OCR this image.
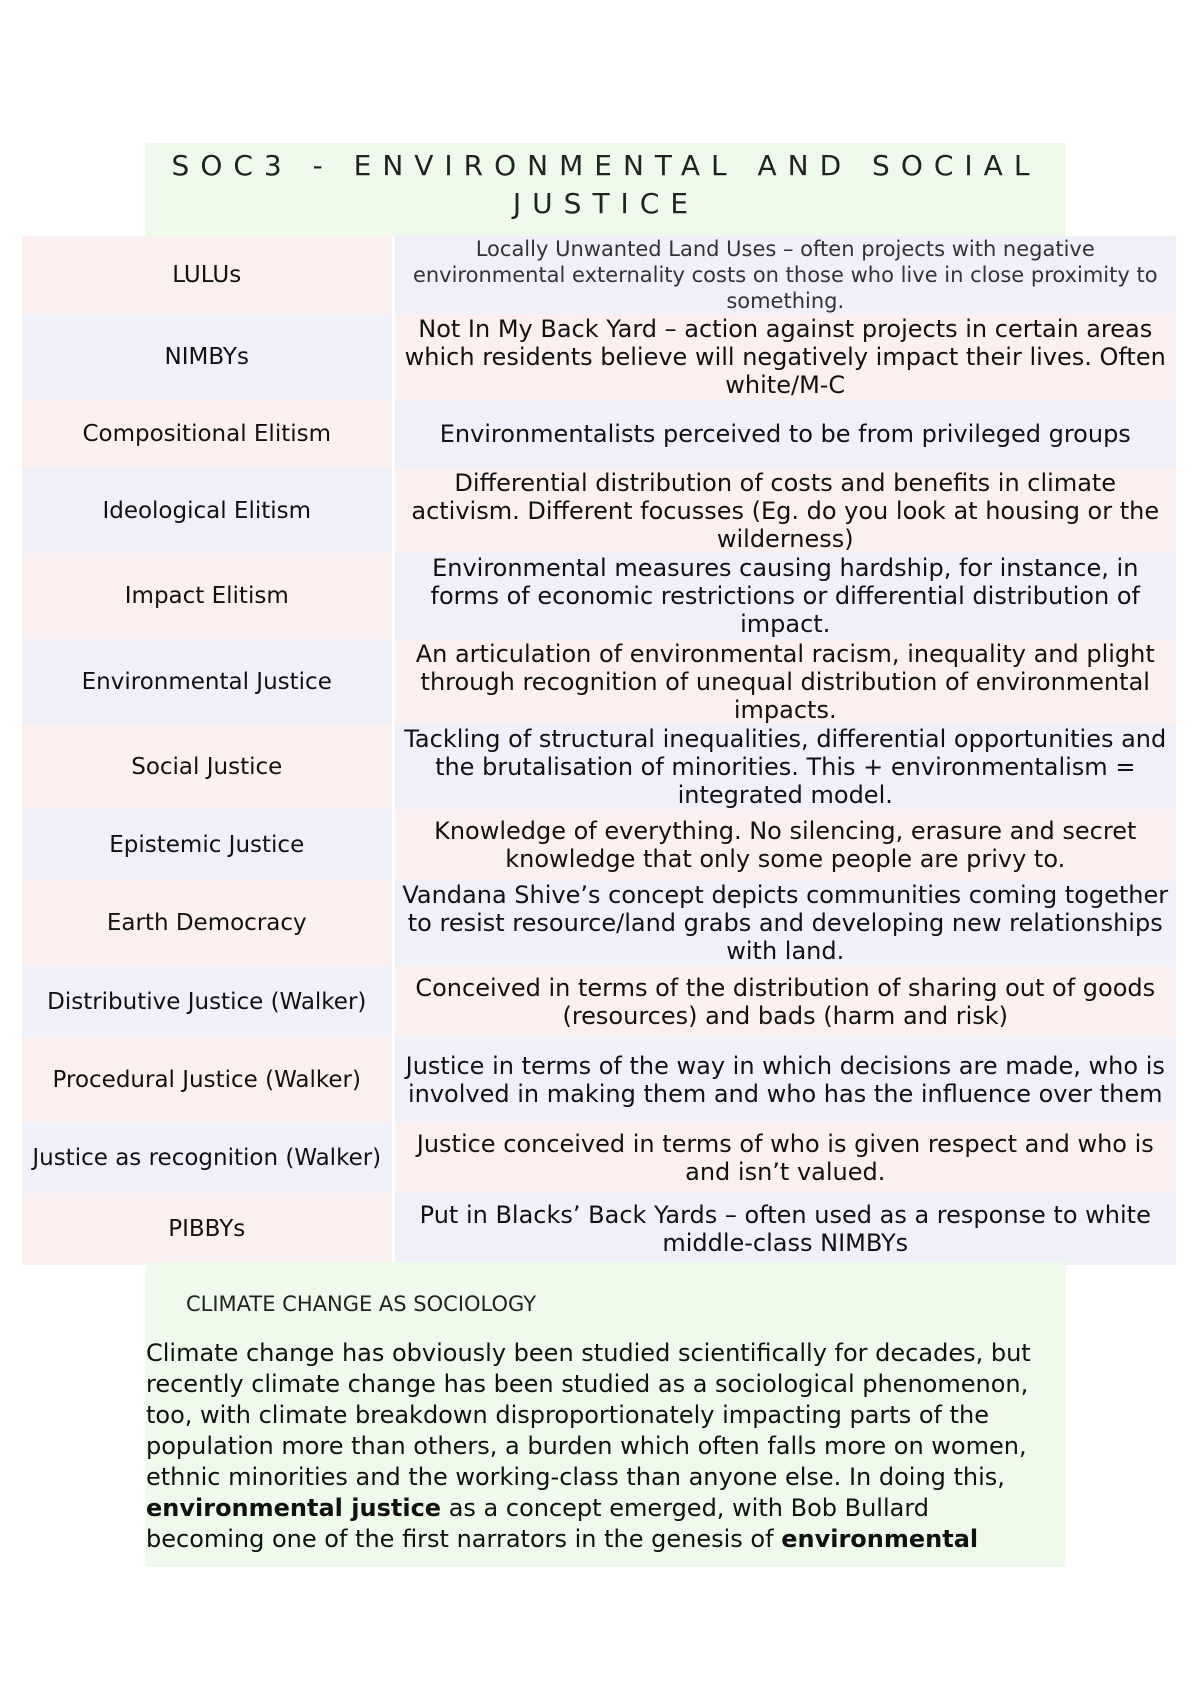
SOC3 - ENVIRONMENTAL AND SOCIAL JUSTICE
LULUs	Locally Unwanted Land Uses – often projects with negative environmental externality costs on those who live in close proximity to something.
NIMBYs	Not In My Back Yard – action against projects in certain areas which residents believe will negatively impact their lives. Often white/M-C
Compositional Elitism	Environmentalists perceived to be from privileged groups
Ideological Elitism	Differential distribution of costs and benefits in climate activism. Different focusses (Eg. do you look at housing or the wilderness)
Impact Elitism	Environmental measures causing hardship, for instance, in forms of economic restrictions or differential distribution of impact.
Environmental Justice	An articulation of environmental racism, inequality and plight through recognition of unequal distribution of environmental impacts.
Social Justice	Tackling of structural inequalities, differential opportunities and the brutalisation of minorities. This + environmentalism = integrated model.
Epistemic Justice	Knowledge of everything. No silencing, erasure and secret knowledge that only some people are privy to.
Earth Democracy	Vandana Shive’s concept depicts communities coming together to resist resource/land grabs and developing new relationships with land.
Distributive Justice (Walker)	Conceived in terms of the distribution of sharing out of goods (resources) and bads (harm and risk)
Procedural Justice (Walker)	Justice in terms of the way in which decisions are made, who is involved in making them and who has the influence over them
Justice as recognition (Walker)	Justice conceived in terms of who is given respect and who is and isn’t valued.
PIBBYs	Put in Blacks’ Back Yards – often used as a response to white middle-class NIMBYs
CLIMATE CHANGE AS SOCIOLOGY

Climate change has obviously been studied scientifically for decades, but recently climate change has been studied as a sociological phenomenon, too, with climate breakdown disproportionately impacting parts of the population more than others, a burden which often falls more on women, ethnic minorities and the working-class than anyone else. In doing this, environmental justice as a concept emerged, with Bob Bullard becoming one of the first narrators in the genesis of environmental
